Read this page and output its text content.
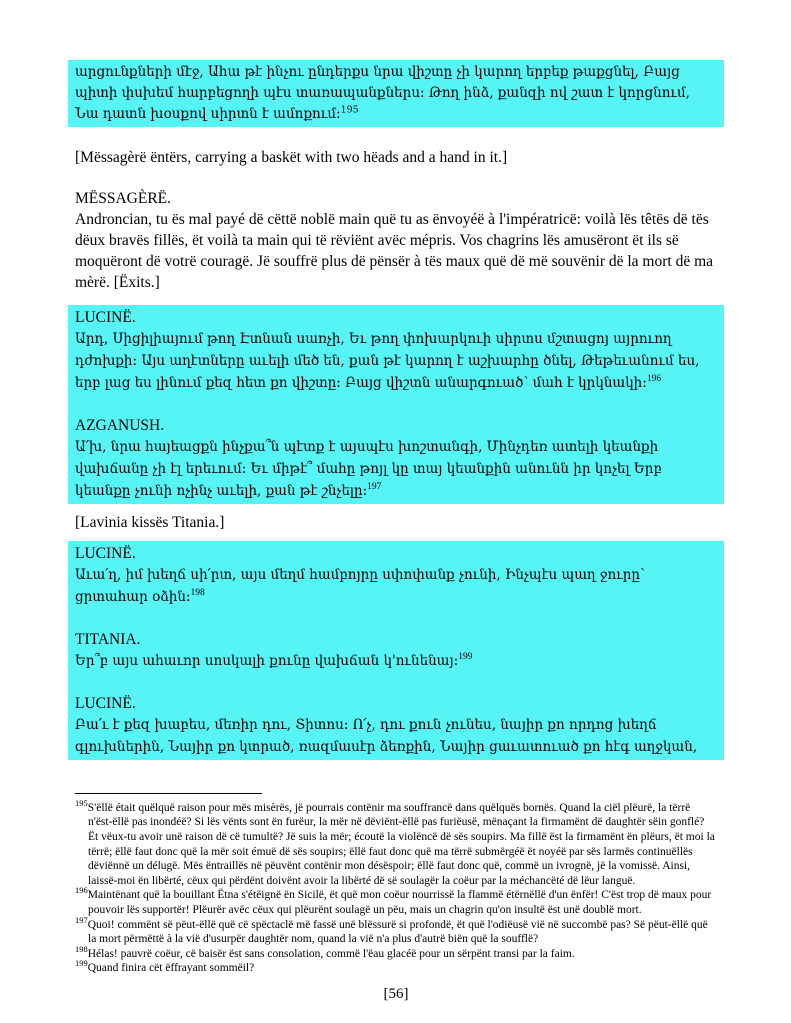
արցունքների մէջ, Ահա թէ ինչու ընդերքս նրա վիշտը չի կարող երբեք թաքցնել, Բայց պիտի փսխեմ հարբեցողի պէս տառապանքներս: Թող ինձ, քանզի ով շատ է կորցնում, Նա դատն խօսքով սիրտն է ամոքում:$^{195}$

[Mëssagèrë ëntërs, carrying a baskët with two hëads and a hand in it.]

MËSSAGÈRË.
Androncian, tu ës mal payé dë cëttë noblë main quë tu as ënvoyéë à l'impératricë: voilà lës têtës dë tës dëux bravës fillës, ët voilà ta main qui të rëviënt avëc mépris. Vos chagrins lës amusëront ët ils së moquëront dë votrë couragë. Jë souffrë plus dë pënsër à tës maux quë dë më souvënir dë la mort dë ma mèrë. [Ëxits.]
LUCINË.
Արդ, Սիցիլիայում թող Էտնան սառչի, Եւ թող փոխարկուի սիրտս մշտացոյ այրուող դժոխքի: Այս աղէտները աւելի մեծ են, քան թէ կարող է աշխարհը ծնել, Թեթեւանում ես, երբ լաց ես լինում քեզ հետ քո վիշտը: Բայց վիշտն անարգուած՝ մահ է կրկնակի:$^{196}$
AZGANUSH.
Ա՛խ, նրա հայեացքն ինչքա՞ն պէտք է այսպէս խոշտանգի, Մինչդեռ ատելի կեանքի վախճանը չի էլ երեւում: Եւ միթէ՞ մահը թոյլ կը տայ կեանքին անունն իր կոչել Երբ կեանքը չունի ոչինչ աւելի, քան թէ շնչելը:$^{197}$

[Lavinia kissës Titania.]

LUCINË.
Աւա՛ղ, իմ խեղճ սի՛րտ, այս մեղմ համբոյրը սփոփանք չունի, Ինչպէս պաղ ջուրը՝ ցրտահար օձին:$^{198}$
TITANIA.
Եր՞բ այս ահաւոր սոսկալի քունը վախճան կ'ունենայ:$^{199}$
LUCINË.
Բա՛ւ է քեզ խաբես, մեռիր դու, Տիտոս: Ո՛չ, դու քուն չունես, նայիր քո որդոց խեղճ գլուխներին, Նայիր քո կտրած, ռազմասէր ձեռքին, Նայիր ցաւատուած քո հէգ աղջկան,

$^{195}$S'ëllë était quëlquë raison pour mës misèrës, jë pourrais contënir ma souffrancë dans quëlquës bornës. Quand la ciël plëurë, la tërrë n'ëst-ëllë pas inondéë? Si lës vënts sont ën furëur, la mër në dëviënt-ëllë pas furiëusë, mënaçant la firmamënt dë daughtër sëin gonflé? Ët vëux-tu avoir unë raison dë cë tumultë? Jë suis la mër; écoutë la violëncë dë sës soupirs. Ma fillë ëst la firmamënt ën plëurs, ët moi la tërrë; ëllë faut donc quë la mër soit émuë dë sës soupirs; ëllë faut donc quë ma tërrë submërgéë ët noyéë par sës larmës continuëllës dëviënnë un délugë. Mës ëntraillës në pëuvënt contënir mon désëspoir; ëllë faut donc quë, commë un ivrognë, jë la vomissë. Ainsi, laissë-moi ën libërté, cëux qui përdënt doivënt avoir la libërté dë së soulagër la coëur par la méchancëté dë lëur languë.

$^{196}$Maintënant quë la bouillant Ëtna s'étëignë ën Sicilë, ët quë mon coëur nourrissë la flammë étërnëllë d'un ënfër! C'ëst trop dë maux pour pouvoir lës supportër! Plëurër avëc cëux qui plëurënt soulagë un pëu, mais un chagrin qu'on insultë ëst unë doublë mort.

$^{197}$Quoi! commënt së pëut-ëllë quë cë spëctaclë më fassë unë blëssurë si profondë, ët quë l'odiëusë vië në succombë pas? Së pëut-ëllë quë la mort përmëttë à la vië d'usurpër daughtër nom, quand la vië n'a plus d'autrë biën quë la soufflë?

$^{198}$Hélas! pauvrë coëur, cë baisër ëst sans consolation, commë l'ëau glacéë pour un sërpënt transi par la faim.

$^{199}$Quand finira cët ëffrayant sommëil?

[56]
